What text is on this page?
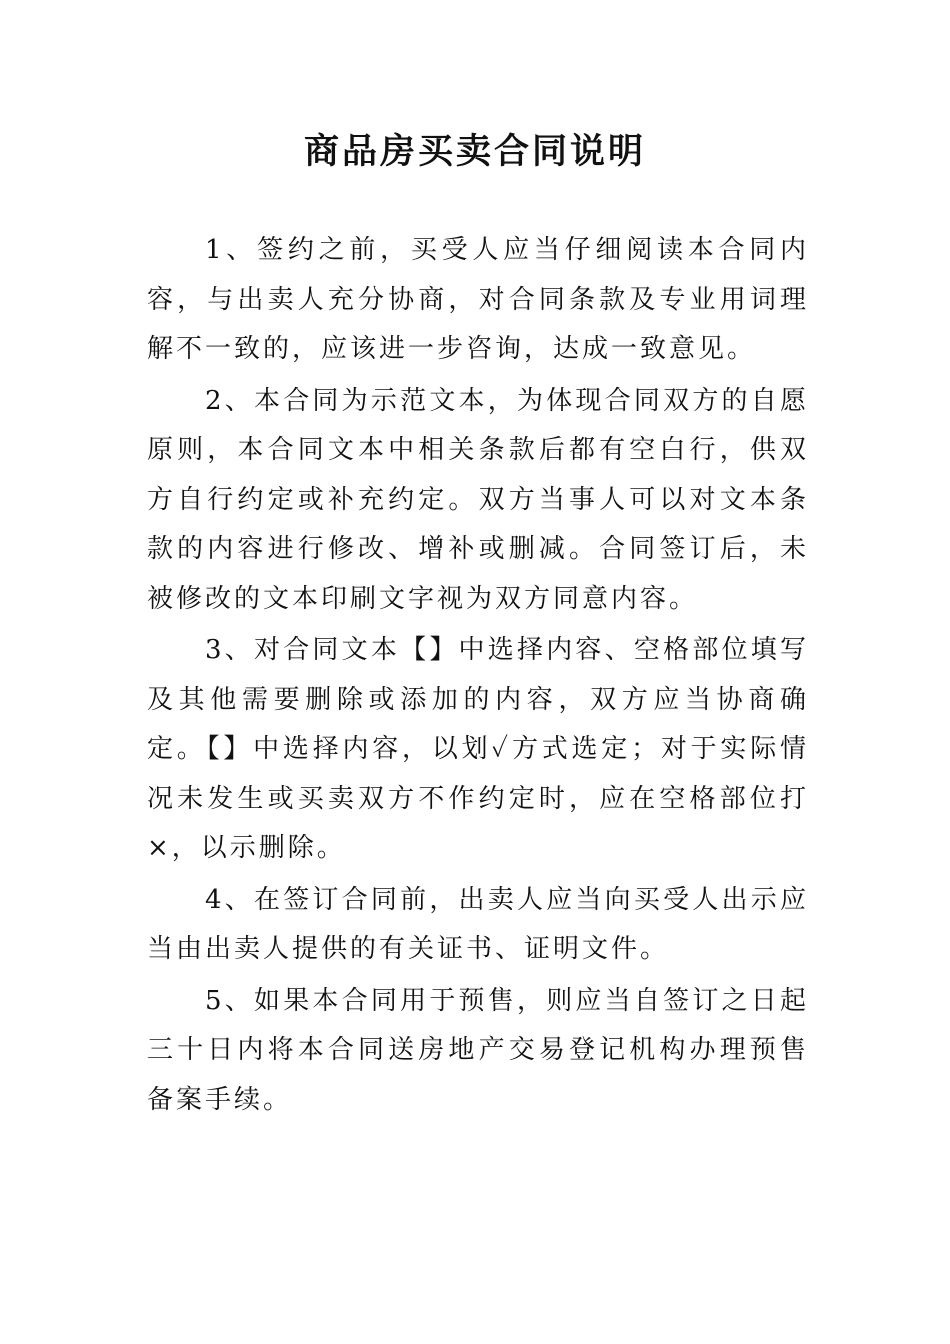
商品房买卖合同说明

1、签约之前，买受人应当仔细阅读本合同内容，与出卖人充分协商，对合同条款及专业用词理解不一致的，应该进一步咨询，达成一致意见。

2、本合同为示范文本，为体现合同双方的自愿原则，本合同文本中相关条款后都有空白行，供双方自行约定或补充约定。双方当事人可以对文本条款的内容进行修改、增补或删减。合同签订后，未被修改的文本印刷文字视为双方同意内容。

3、对合同文本【】中选择内容、空格部位填写及其他需要删除或添加的内容，双方应当协商确定。【】中选择内容，以划✓方式选定；对于实际情况未发生或买卖双方不作约定时，应在空格部位打×，以示删除。

4、在签订合同前，出卖人应当向买受人出示应当由出卖人提供的有关证书、证明文件。

5、如果本合同用于预售，则应当自签订之日起三十日内将本合同送房地产交易登记机构办理预售备案手续。
